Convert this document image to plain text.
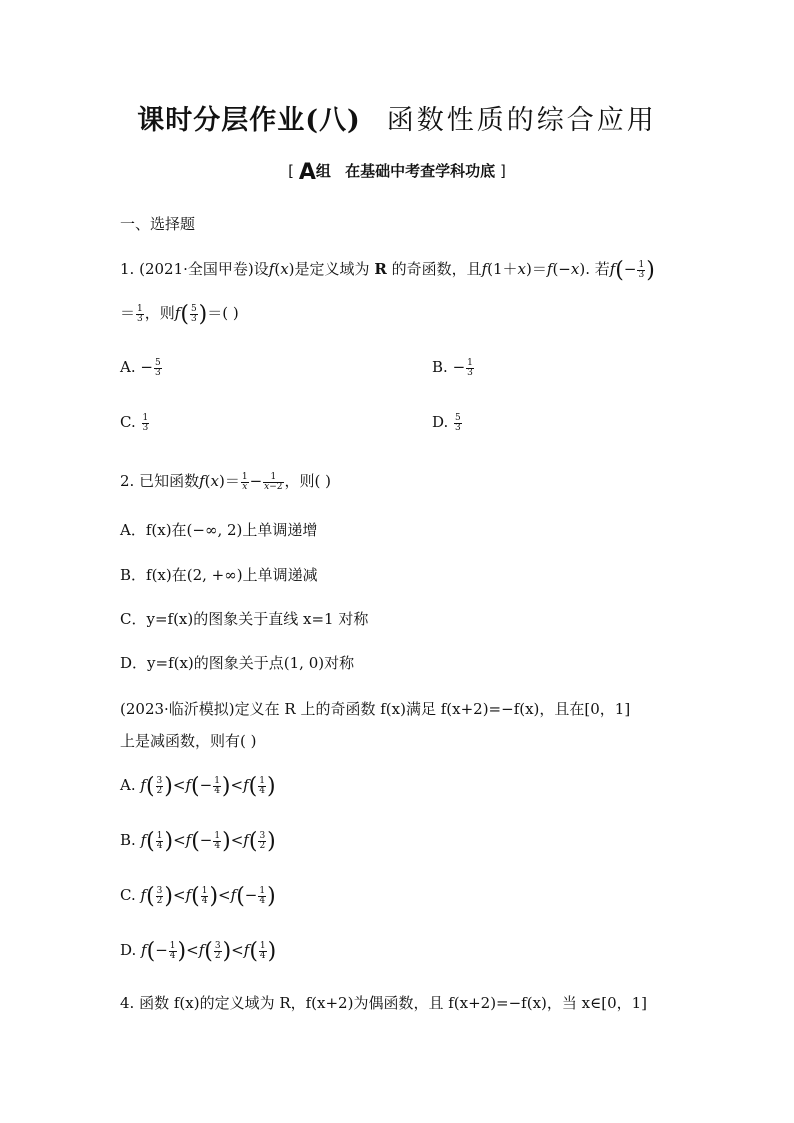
课时分层作业(八) 函数性质的综合应用
[ A组 在基础中考查学科功底 ]
一、选择题
1. (2021·全国甲卷)设f(x)是定义域为 R 的奇函数，且f(1＋x)＝f(−x). 若$f(- \frac{1}{3}$ )
＝ $\frac{1}{3}$ ，则$f( \frac{5}{3}$ )＝( )
A. − $\frac{5}{3}$	B. − $\frac{1}{3}$
C. $\frac{1}{3}$	D. $\frac{5}{3}$
2. 已知函数$f(x)= \frac{1}{x} - \frac{1}{x-2}$ ，则( )
A．f(x)在(−∞, 2)上单调递增
B．f(x)在(2, +∞)上单调递减
C．y=f(x)的图象关于直线 x=1 对称
D．y=f(x)的图象关于点(1, 0)对称
(2023·临沂模拟)定义在 R 上的奇函数 f(x)满足 f(x+2)=−f(x)，且在[0，1]
上是减函数，则有( )
A. $f( \frac{3}{2} )<f(- \frac{1}{4} )<f( \frac{1}{4}$ )
B. $f( \frac{1}{4} )<f(- \frac{1}{4} )<f( \frac{3}{2}$ )
C. $f( \frac{3}{2} )<f( \frac{1}{4} )<f(- \frac{1}{4}$ )
D. $f(- \frac{1}{4} )<f( \frac{3}{2} )<f( \frac{1}{4}$ )
4. 函数 f(x)的定义域为 R，f(x+2)为偶函数，且 f(x+2)=−f(x)，当 x∈[0，1]
